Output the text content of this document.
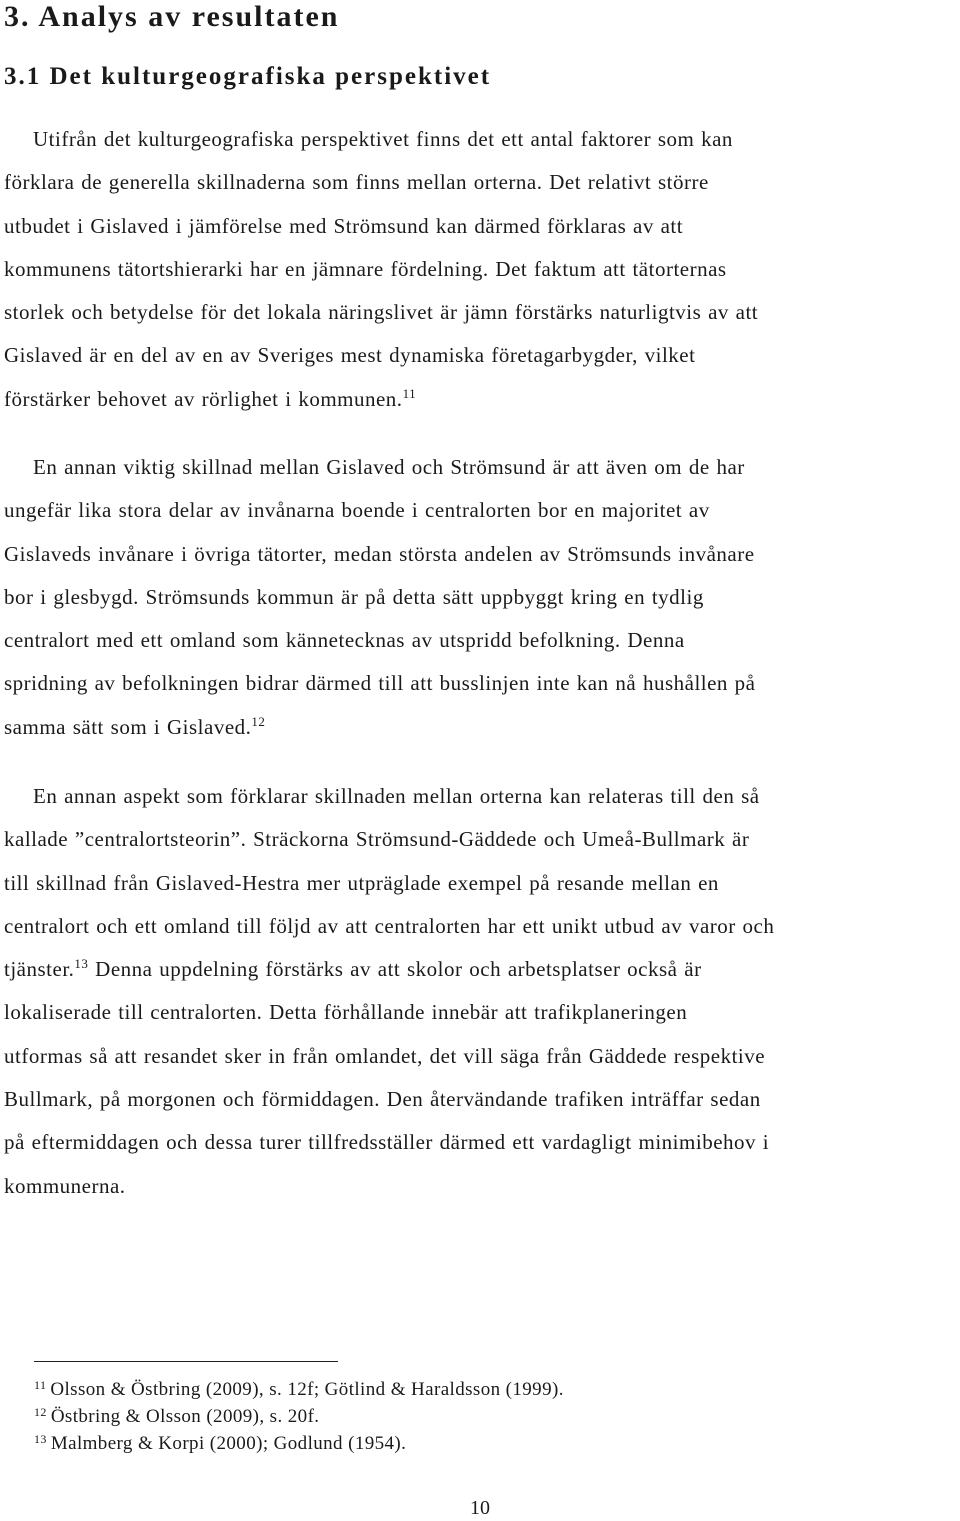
3. Analys av resultaten
3.1 Det kulturgeografiska perspektivet
Utifrån det kulturgeografiska perspektivet finns det ett antal faktorer som kan
förklara de generella skillnaderna som finns mellan orterna. Det relativt större
utbudet i Gislaved i jämförelse med Strömsund kan därmed förklaras av att
kommunens tätortshierarki har en jämnare fördelning. Det faktum att tätorternas
storlek och betydelse för det lokala näringslivet är jämn förstärks naturligtvis av att
Gislaved är en del av en av Sveriges mest dynamiska företagarbygder, vilket
förstärker behovet av rörlighet i kommunen.$^{11}$
En annan viktig skillnad mellan Gislaved och Strömsund är att även om de har
ungefär lika stora delar av invånarna boende i centralorten bor en majoritet av
Gislaveds invånare i övriga tätorter, medan största andelen av Strömsunds invånare
bor i glesbygd. Strömsunds kommun är på detta sätt uppbyggt kring en tydlig
centralort med ett omland som kännetecknas av utspridd befolkning. Denna
spridning av befolkningen bidrar därmed till att busslinjen inte kan nå hushållen på
samma sätt som i Gislaved.$^{12}$
En annan aspekt som förklarar skillnaden mellan orterna kan relateras till den så
kallade ”centralortsteorin”. Sträckorna Strömsund-Gäddede och Umeå-Bullmark är
till skillnad från Gislaved-Hestra mer utpräglade exempel på resande mellan en
centralort och ett omland till följd av att centralorten har ett unikt utbud av varor och
tjänster.$^{13}$ Denna uppdelning förstärks av att skolor och arbetsplatser också är
lokaliserade till centralorten. Detta förhållande innebär att trafikplaneringen
utformas så att resandet sker in från omlandet, det vill säga från Gäddede respektive
Bullmark, på morgonen och förmiddagen. Den återvändande trafiken inträffar sedan
på eftermiddagen och dessa turer tillfredsställer därmed ett vardagligt minimibehov i
kommunerna.
$^{11}$ Olsson & Östbring (2009), s. 12f; Götlind & Haraldsson (1999).
$^{12}$ Östbring & Olsson (2009), s. 20f.
$^{13}$ Malmberg & Korpi (2000); Godlund (1954).
10
